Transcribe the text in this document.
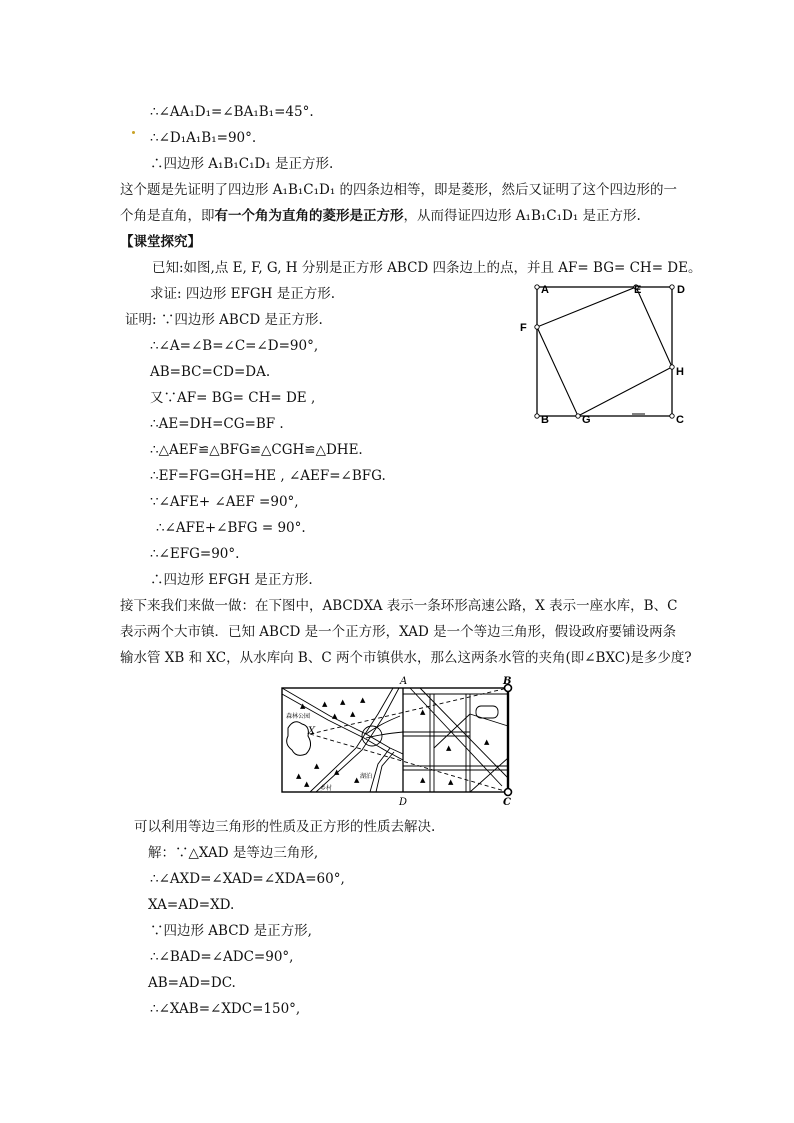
∴∠AA₁D₁=∠BA₁B₁=45°.
∴∠D₁A₁B₁=90°.
∴四边形 A₁B₁C₁D₁ 是正方形.
这个题是先证明了四边形 A₁B₁C₁D₁ 的四条边相等，即是菱形，然后又证明了这个四边形的一
个角是直角，即有一个角为直角的菱形是正方形，从而得证四边形 A₁B₁C₁D₁ 是正方形.
【课堂探究】
已知:如图,点 E, F, G, H 分别是正方形 ABCD 四条边上的点，并且 AF= BG= CH= DE。
求证: 四边形 EFGH 是正方形.
证明: ∵四边形 ABCD 是正方形.
∴∠A=∠B=∠C=∠D=90°,
AB=BC=CD=DA.
又∵AF= BG= CH= DE ,
∴AE=DH=CG=BF .
∴△AEF≌△BFG≌△CGH≌△DHE.
∴EF=FG=GH=HE , ∠AEF=∠BFG.
∵∠AFE+ ∠AEF =90°,
∴∠AFE+∠BFG = 90°.
∴∠EFG=90°.
∴四边形 EFGH 是正方形.
A	E	D
F
H
B	G	C
接下来我们来做一做：在下图中，ABCDXA 表示一条环形高速公路，X 表示一座水库，B、C
表示两个大市镇．已知 ABCD 是一个正方形，XAD 是一个等边三角形，假设政府要铺设两条
输水管 XB 和 XC，从水库向 B、C 两个市镇供水，那么这两条水管的夹角(即∠BXC)是多少度?
▲ ▲ ▲ ▲
▲
▲
▲
▲
▲
▲	▲
▲
▲
▲
▲	▲
森林公园
湖泊
乡村
A	B
C
D
X
可以利用等边三角形的性质及正方形的性质去解决.
解：∵△XAD 是等边三角形,
∴∠AXD=∠XAD=∠XDA=60°,
XA=AD=XD.
∵四边形 ABCD 是正方形,
∴∠BAD=∠ADC=90°,
AB=AD=DC.
∴∠XAB=∠XDC=150°,
